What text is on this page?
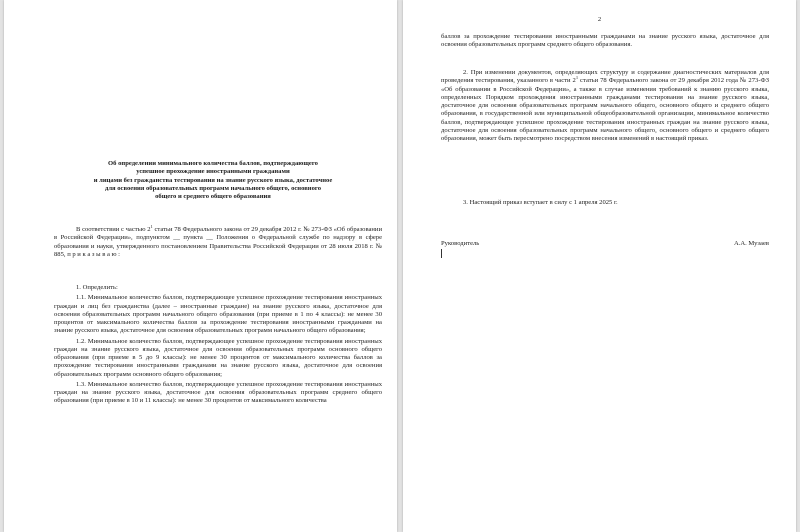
Об определении минимального количества баллов, подтверждающего

успешное прохождение иностранными гражданами

и лицами без гражданства тестирования на знание русского языка, достаточное

для освоения образовательных программ начального общего, основного

общего и среднего общего образования

В соответствии с частью $2^1$ статьи 78 Федерального закона от 29 декабря 2012 г. № 273-ФЗ «Об образовании в Российской Федерации», подпунктом __ пункта __ Положения о Федеральной службе по надзору в сфере образования и науки, утвержденного постановлением Правительства Российской Федерации от 28 июля 2018 г. № 885, п р и к а з ы в а ю :

1. Определить:

1.1. Минимальное количество баллов, подтверждающее успешное прохождение тестирования иностранных граждан и лиц без гражданства (далее – иностранные граждане) на знание русского языка, достаточное для освоения образовательных программ начального общего образования (при приеме в 1 по 4 классы): не менее 30 процентов от максимального количества баллов за прохождение тестирования иностранными гражданами на знание русского языка, достаточное для освоения образовательных программ начального общего образования;

1.2. Минимальное количество баллов, подтверждающее успешное прохождение тестирования иностранных граждан на знание русского языка, достаточное для освоения образовательных программ основного общего образования (при приеме в 5 до 9 классы): не менее 30 процентов от максимального количества баллов за прохождение тестирования иностранными гражданами на знание русского языка, достаточное для освоения образовательных программ основного общего образования;

1.3. Минимальное количество баллов, подтверждающее успешное прохождение тестирования иностранных граждан на знание русского языка, достаточное для освоения образовательных программ среднего общего образования (при приеме в 10 и 11 классы): не менее 30 процентов от максимального количества

2

баллов за прохождение тестирования иностранными гражданами на знание русского языка, достаточное для освоения образовательных программ среднего общего образования.

2. При изменении документов, определяющих структуру и содержание диагностических материалов для проведения тестирования, указанного в части $2^1$ статьи 78 Федерального закона от 29 декабря 2012 года № 273-ФЗ «Об образовании в Российской Федерации», а также в случае изменения требований к знанию русского языка, определенных Порядком прохождения иностранными гражданами тестирования на знание русского языка, достаточное для освоения образовательных программ начального общего, основного общего и среднего общего образования, в государственной или муниципальной общеобразовательной организации, минимальное количество баллов, подтверждающее успешное прохождение тестирования иностранных граждан на знание русского языка, достаточное для освоения образовательных программ начального общего, основного общего и среднего общего образования, может быть пересмотрено посредством внесения изменений в настоящий приказ.

3. Настоящий приказ вступает в силу с 1 апреля 2025 г.

Руководитель	А.А. Музаев
